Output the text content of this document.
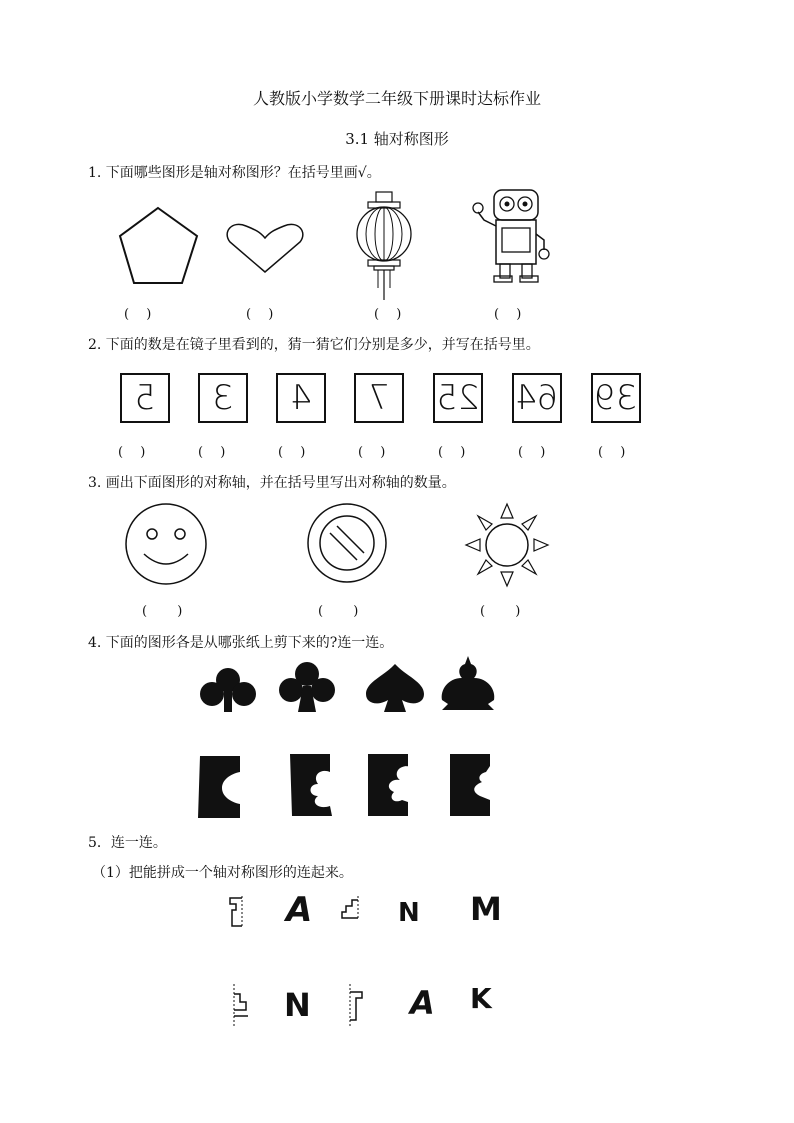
人教版小学数学二年级下册课时达标作业
3.1 轴对称图形
1. 下面哪些图形是轴对称图形？在括号里画√。
(　 )	(　 )	(　 )	(　 )
2. 下面的数是在镜子里看到的，猜一猜它们分别是多少，并写在括号里。
5 3 4 7 25 64 39
(　 )	(　 )	(　 )	(　 )	(　 )	(　 )	(　 )
3. 画出下面图形的对称轴，并在括号里写出对称轴的数量。
(　　 )	(　　 )	(　　 )
4. 下面的图形各是从哪张纸上剪下来的?连一连。
5．连一连。
（1）把能拼成一个轴对称图形的连起来。
A	N M
N	A K
